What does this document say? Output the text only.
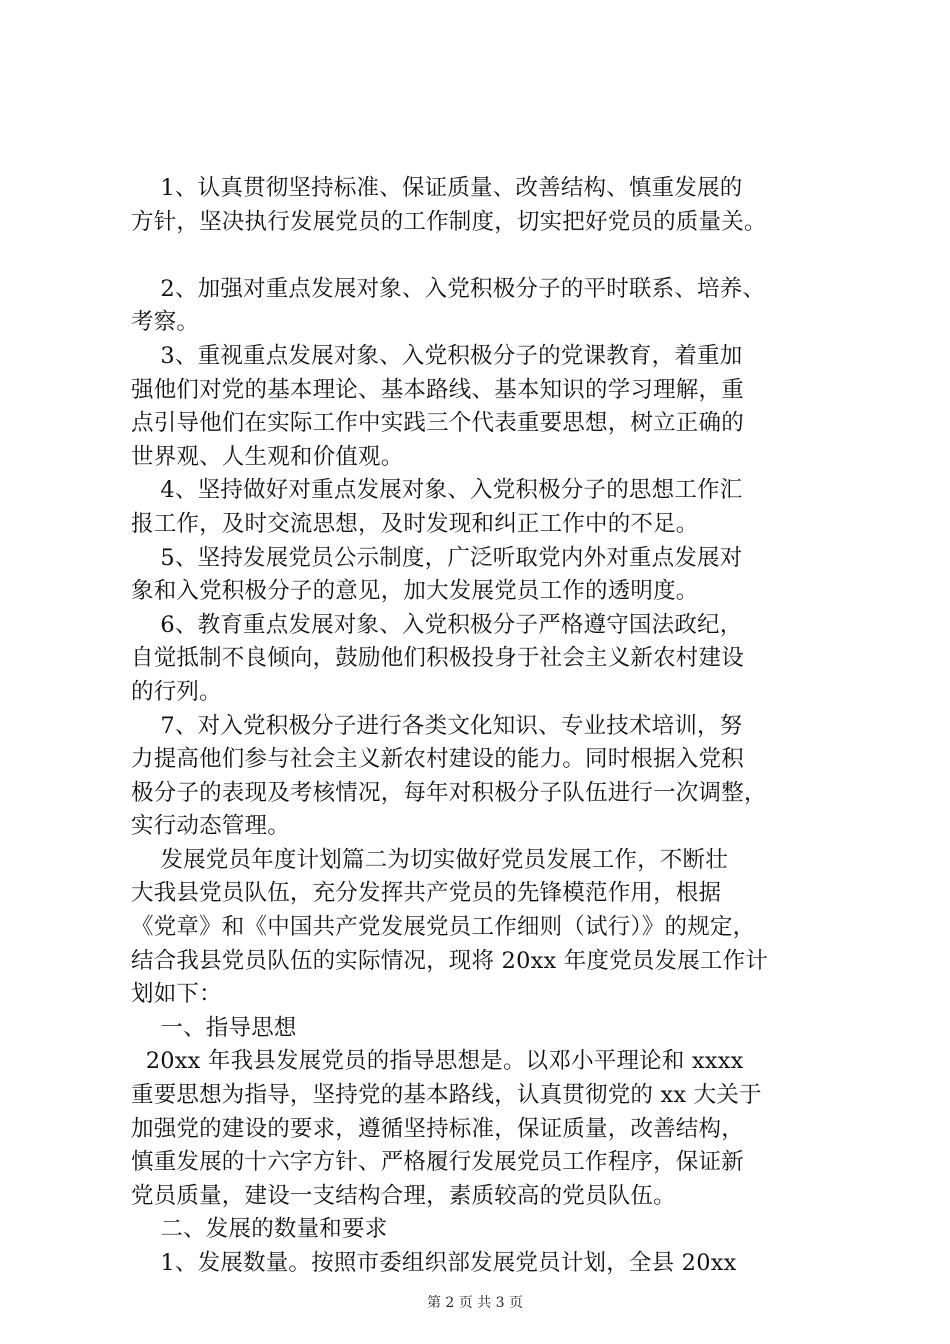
1、认真贯彻坚持标准、保证质量、改善结构、慎重发展的
方针，坚决执行发展党员的工作制度，切实把好党员的质量关。
2、加强对重点发展对象、入党积极分子的平时联系、培养、
考察。
3、重视重点发展对象、入党积极分子的党课教育，着重加
强他们对党的基本理论、基本路线、基本知识的学习理解，重
点引导他们在实际工作中实践三个代表重要思想，树立正确的
世界观、人生观和价值观。
4、坚持做好对重点发展对象、入党积极分子的思想工作汇
报工作，及时交流思想，及时发现和纠正工作中的不足。
5、坚持发展党员公示制度，广泛听取党内外对重点发展对
象和入党积极分子的意见，加大发展党员工作的透明度。
6、教育重点发展对象、入党积极分子严格遵守国法政纪，
自觉抵制不良倾向，鼓励他们积极投身于社会主义新农村建设
的行列。
7、对入党积极分子进行各类文化知识、专业技术培训，努
力提高他们参与社会主义新农村建设的能力。同时根据入党积
极分子的表现及考核情况，每年对积极分子队伍进行一次调整，
实行动态管理。
发展党员年度计划篇二为切实做好党员发展工作，不断壮
大我县党员队伍，充分发挥共产党员的先锋模范作用，根据
《党章》和《中国共产党发展党员工作细则（试行）》的规定，
结合我县党员队伍的实际情况，现将 20xx 年度党员发展工作计
划如下：
一、指导思想
20xx 年我县发展党员的指导思想是。以邓小平理论和 xxxx
重要思想为指导，坚持党的基本路线，认真贯彻党的 xx 大关于
加强党的建设的要求，遵循坚持标准，保证质量，改善结构，
慎重发展的十六字方针、严格履行发展党员工作程序，保证新
党员质量，建设一支结构合理，素质较高的党员队伍。
二、发展的数量和要求
1、发展数量。按照市委组织部发展党员计划，全县 20xx
第 2 页 共 3 页
